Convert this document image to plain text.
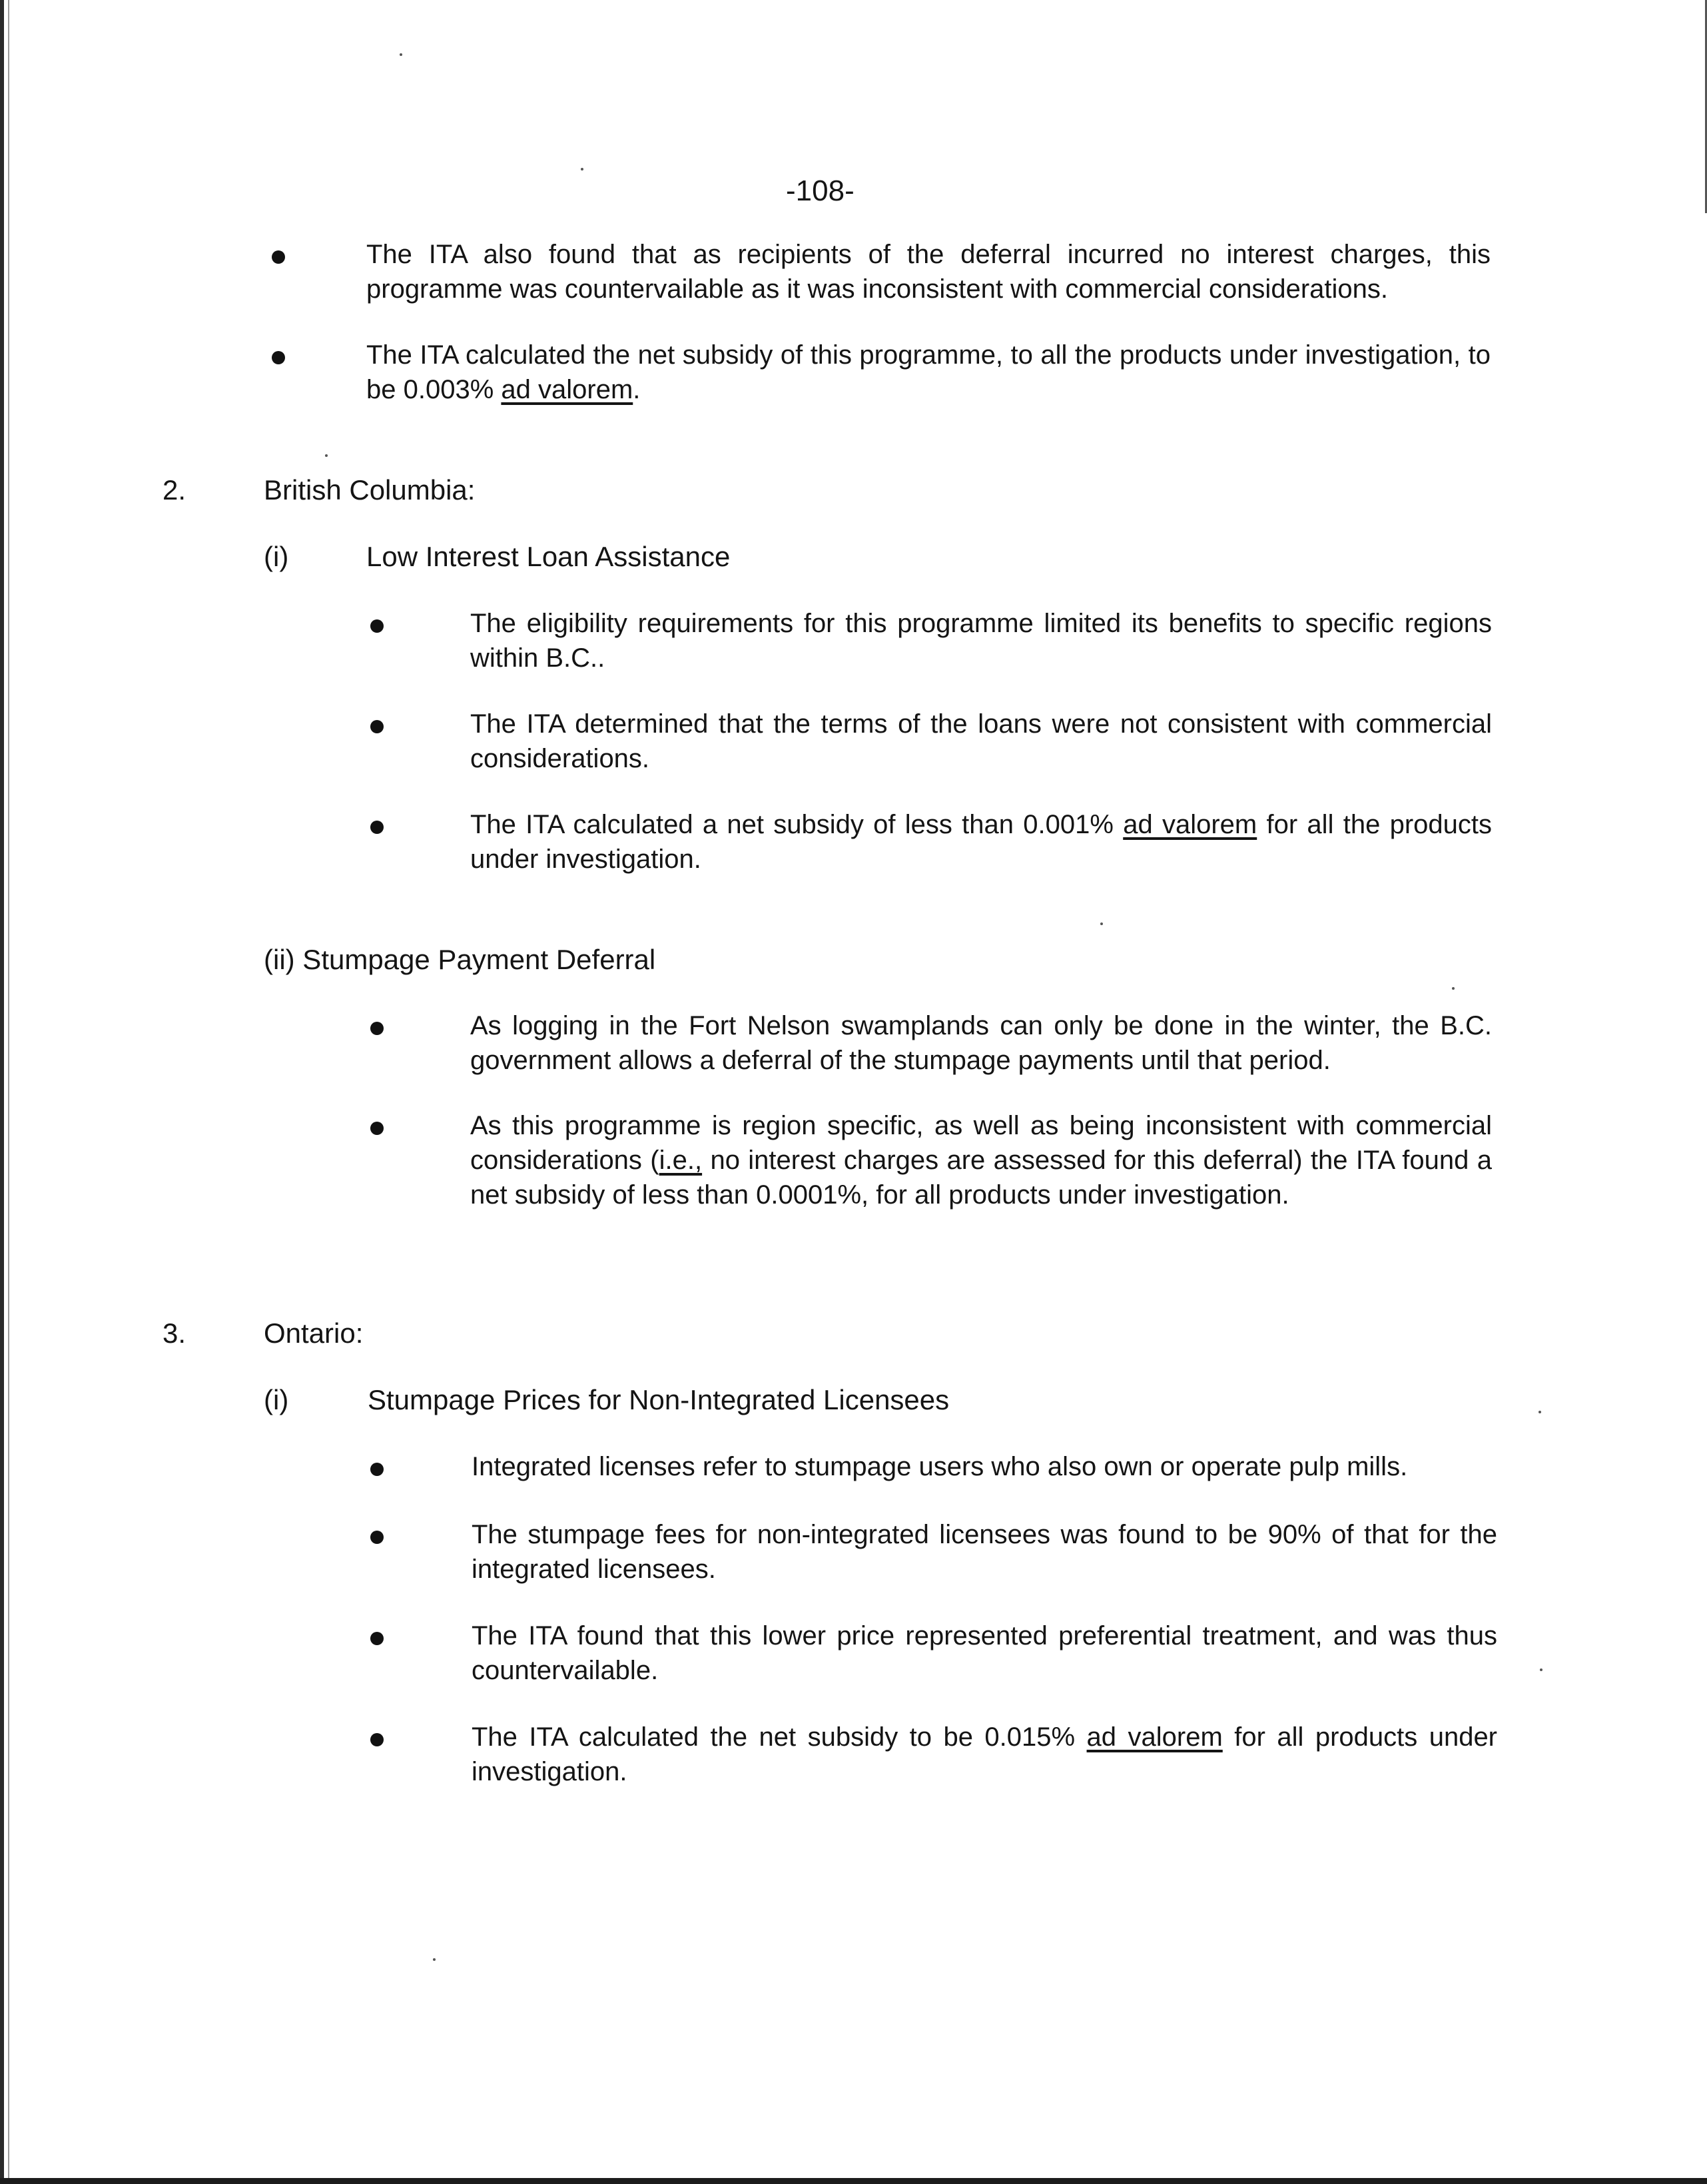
-108-

The ITA also found that as recipients of the deferral incurred no interest charges, this programme was countervailable as it was inconsistent with commercial considerations.

The ITA calculated the net subsidy of this programme, to all the products under investigation, to be 0.003% ad valorem.

2.	British Columbia:
(i)	Low Interest Loan Assistance

The eligibility requirements for this programme limited its benefits to specific regions within B.C..

The ITA determined that the terms of the loans were not consistent with commercial considerations.

The ITA calculated a net subsidy of less than 0.001% ad valorem for all the products under investigation.

(ii) Stumpage Payment Deferral

As logging in the Fort Nelson swamplands can only be done in the winter, the B.C. government allows a deferral of the stumpage payments until that period.

As this programme is region specific, as well as being inconsistent with commercial considerations (i.e., no interest charges are assessed for this deferral) the ITA found a net subsidy of less than 0.0001%, for all products under investigation.

3.	Ontario:
(i)	Stumpage Prices for Non-Integrated Licensees

Integrated licenses refer to stumpage users who also own or operate pulp mills.

The stumpage fees for non-integrated licensees was found to be 90% of that for the integrated licensees.

The ITA found that this lower price represented preferential treatment, and was thus countervailable.

The ITA calculated the net subsidy to be 0.015% ad valorem for all products under investigation.
